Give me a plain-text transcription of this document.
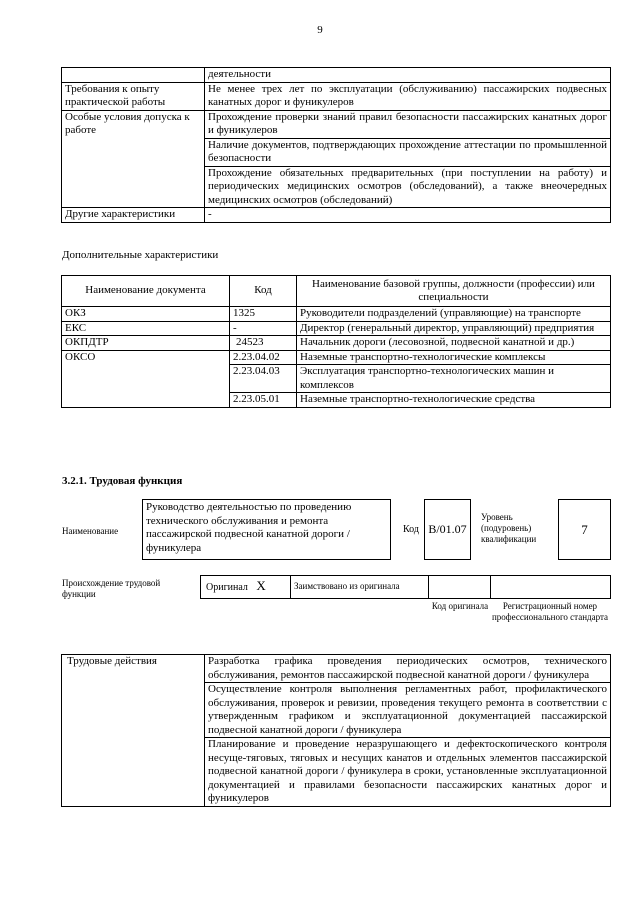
9
	деятельности
Требования к опыту практической работы	Не менее трех лет по эксплуатации (обслуживанию) пассажирских подвесных канатных дорог и фуникулеров
Особые условия допуска к работе	Прохождение проверки знаний правил безопасности пассажирских канатных дорог и фуникулеров
	Наличие документов, подтверждающих прохождение аттестации по промышленной безопасности
	Прохождение обязательных предварительных (при поступлении на работу) и периодических медицинских осмотров (обследований), а также внеочередных медицинских осмотров (обследований)
Другие характеристики	-
Дополнительные характеристики
Наименование документа	Код	Наименование базовой группы, должности (профессии) или специальности
ОКЗ	1325	Руководители подразделений (управляющие) на транспорте
ЕКС	-	Директор (генеральный директор, управляющий) предприятия
ОКПДТР	24523	Начальник дороги (лесовозной, подвесной канатной и др.)
ОКСО	2.23.04.02	Наземные транспортно-технологические комплексы
	2.23.04.03	Эксплуатация транспортно-технологических машин и комплексов
	2.23.05.01	Наземные транспортно-технологические средства
3.2.1. Трудовая функция
Наименование
Руководство деятельностью по проведению технического обслуживания и ремонта пассажирской подвесной канатной дороги / фуникулера
Код B/01.07
Уровень (подуровень) квалификации
7
Происхождение трудовой функции
Оригинал X	Заимствовано из оригинала		
Код оригинала	Регистрационный номер профессионального стандарта
Трудовые действия	Разработка графика проведения периодических осмотров, технического обслуживания, ремонтов пассажирской подвесной канатной дороги / фуникулера
Осуществление контроля выполнения регламентных работ, профилактического обслуживания, проверок и ревизии, проведения текущего ремонта в соответствии с утвержденным графиком и эксплуатационной документацией пассажирской подвесной канатной дороги / фуникулера
Планирование и проведение неразрушающего и дефектоскопического контроля несуще-тяговых, тяговых и несущих канатов и отдельных элементов пассажирской подвесной канатной дороги / фуникулера в сроки, установленные эксплуатационной документацией и правилами безопасности пассажирских канатных дорог и фуникулеров
